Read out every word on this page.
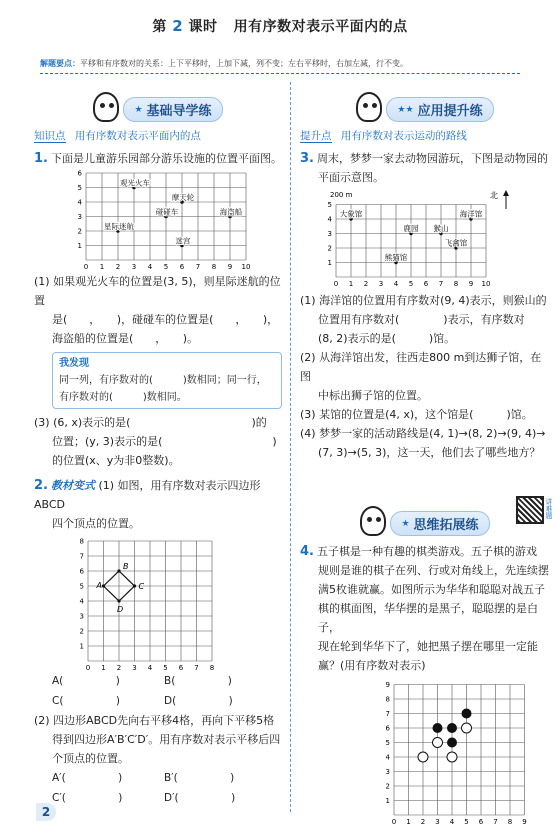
第 2 课时 用有序数对表示平面内的点
解题要点：平移和有序数对的关系：上下平移时，上加下减，列不变；左右平移时，右加左减，行不变。
★ 基础导学练
知识点 用有序数对表示平面内的点
1. 下面是儿童游乐园部分游乐设施的位置平面图。
0 1 2 3 4 5 6 7 8 9 10
1
2
3
4
5
6
观光火车
摩天轮
碰碰车
星际迷航
海盗船
迷宫
(1) 如果观光火车的位置是(3, 5)，则星际迷航的位置
是(　　，　　)，碰碰车的位置是(　　，　　)，
海盗船的位置是(　　，　　)。
我发现
同一列，有序数对的(　　　)数相同；同一行，
有序数对的(　　　)数相同。
(3) (6, x)表示的是(　　　　　　　　　　　)的
位置；(y, 3)表示的是(　　　　　　　　　　)
的位置(x、y为非0整数)。
2. 教材变式 (1) 如图，用有序数对表示四边形ABCD
四个顶点的位置。
0 1 2 3 4 5 6 7 8
1
2
3
4
5
6
7
8
A
B
C
D
A(　　　　　)	B(　　　　　)
C(　　　　　)	D(　　　　　)
(2) 四边形ABCD先向右平移4格，再向下平移5格
得到四边形A′B′C′D′。用有序数对表示平移后四
个顶点的位置。
A′(　　　　　)	B′(　　　　　)
C′(　　　　　)	D′(　　　　　)
★★ 应用提升练
提升点 用有序数对表示运动的路线
3. 周末，梦梦一家去动物园游玩，下图是动物园的
平面示意图。
0 1 2 3 4 5 6 7 8 9 10
1
2
3
4
5
200 m	北
大象馆
鹿园 猴山
海洋馆
飞禽馆
熊猫馆
(1) 海洋馆的位置用有序数对(9, 4)表示，则猴山的
位置用有序数对(　　　　)表示，有序数对
(8, 2)表示的是(　　　)馆。
(2) 从海洋馆出发，往西走800 m到达狮子馆，在图
中标出狮子馆的位置。
(3) 某馆的位置是(4, x)，这个馆是(　　　)馆。
(4) 梦梦一家的活动路线是(4, 1)→(8, 2)→(9, 4)→
(7, 3)→(5, 3)，这一天，他们去了哪些地方？
★ 思维拓展练
讲难题
4. 五子棋是一种有趣的棋类游戏。五子棋的游戏
规则是谁的棋子在列、行或对角线上，先连续摆
满5枚谁就赢。如图所示为华华和聪聪对战五子
棋的棋面图，华华摆的是黑子，聪聪摆的是白子，
现在轮到华华下了，她把黑子摆在哪里一定能
赢？(用有序数对表示)
0 1 2 3 4 5 6 7 8 9
1
2
3
4
5
6
7
8
9
2
